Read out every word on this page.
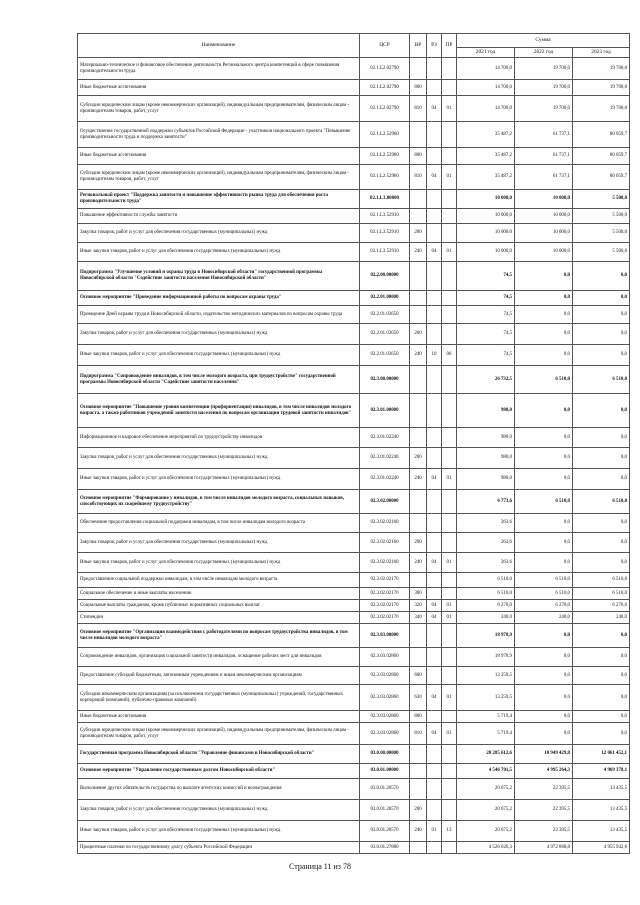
Наименование	ЦСР	ВР	РЗ	ПР	Сумма		
					2021 год	2022 год	2023 год
Материально-техническое и финансовое обеспечение деятельности Регионального центра компетенций в сфере повышения производительности труда	02.1.L2.02790				14 700,0	19 700,0	19 700,0
Иные бюджетные ассигнования	02.1.L2.02790	800			14 700,0	19 700,0	19 700,0
Субсидии юридическим лицам (кроме некоммерческих организаций), индивидуальным предпринимателям, физическим лицам - производителям товаров, работ, услуг	02.1.L2.02790	810	04	01	14 700,0	19 700,0	19 700,0
Осуществление государственной поддержки субъектов Российской Федерации - участников национального проекта "Повышение производительности труда и поддержка занятости"	02.1.L2.52960				35 487,2	61 737,1	80 059,7
Иные бюджетные ассигнования	02.1.L2.52960	800			35 487,2	61 737,1	80 059,7
Субсидии юридическим лицам (кроме некоммерческих организаций), индивидуальным предпринимателям, физическим лицам - производителям товаров, работ, услуг	02.1.L2.52960	810	04	01	35 487,2	61 737,1	80 059,7
Региональный проект "Поддержка занятости и повышение эффективности рынка труда для обеспечения роста производительности труда"	02.1.L3.00000				10 000,0	10 000,0	5 500,0
Повышение эффективности службы занятости	02.1.L3.52910				10 000,0	10 000,0	5 500,0
Закупка товаров, работ и услуг для обеспечения государственных (муниципальных) нужд	02.1.L3.52910	200			10 000,0	10 000,0	5 500,0
Иные закупки товаров, работ и услуг для обеспечения государственных (муниципальных) нужд	02.1.L3.52910	240	04	01	10 000,0	10 000,0	5 500,0
Подпрограмма "Улучшение условий и охраны труда в Новосибирской области" государственной программы Новосибирской области "Содействие занятости населения Новосибирской области"	02.2.00.00000				74,5	0,0	0,0
Основное мероприятие "Проведение информационной работы по вопросам охраны труда"	02.2.01.00000				74,5	0,0	0,0
Проведение Дней охраны труда в Новосибирской области, издательство методических материалов по вопросам охраны труда	02.2.01.03650				74,5	0,0	0,0
Закупка товаров, работ и услуг для обеспечения государственных (муниципальных) нужд	02.2.01.03650	200			74,5	0,0	0,0
Иные закупки товаров, работ и услуг для обеспечения государственных (муниципальных) нужд	02.2.01.03650	240	10	06	74,5	0,0	0,0
Подпрограмма "Сопровождение инвалидов, в том числе молодого возраста, при трудоустройстве" государственной программы Новосибирской области "Содействие занятости населения"	02.3.00.00000				26 732,5	6 510,0	6 510,0
Основное мероприятие "Повышение уровня компетенции (профориентации) инвалидов, в том числе инвалидов молодого возраста, а также работников учреждений занятости населения по вопросам организации трудовой занятости инвалидов"	02.3.01.00000				980,0	0,0	0,0
Информационное и кадровое обеспечение мероприятий по трудоустройству инвалидов	02.3.01.02240				980,0	0,0	0,0
Закупка товаров, работ и услуг для обеспечения государственных (муниципальных) нужд	02.3.01.02240	200			980,0	0,0	0,0
Иные закупки товаров, работ и услуг для обеспечения государственных (муниципальных) нужд	02.3.01.02240	240	04	01	980,0	0,0	0,0
Основное мероприятие "Формирование у инвалидов, в том числе инвалидов молодого возраста, социальных навыков, способствующих их скорейшему трудоустройству"	02.3.02.00000				6 773,6	6 510,0	6 510,0
Обеспечение предоставления социальной поддержки инвалидам, в том числе инвалидам молодого возраста	02.3.02.02160				263,6	0,0	0,0
Закупка товаров, работ и услуг для обеспечения государственных (муниципальных) нужд	02.3.02.02160	200			263,6	0,0	0,0
Иные закупки товаров, работ и услуг для обеспечения государственных (муниципальных) нужд	02.3.02.02160	240	04	01	263,6	0,0	0,0
Предоставление социальной поддержки инвалидам, в том числе инвалидам молодого возраста	02.3.02.02170				6 510,0	6 510,0	6 510,0
Социальное обеспечение и иные выплаты населению	02.3.02.02170	300			6 510,0	6 510,0	6 510,0
Социальные выплаты гражданам, кроме публичных нормативных социальных выплат	02.3.02.02170	320	04	01	6 270,0	6 270,0	6 270,0
Стипендии	02.3.02.02170	340	04	01	240,0	240,0	240,0
Основное мероприятие "Организация взаимодействия с работодателями по вопросам трудоустройства инвалидов, в том числе инвалидов молодого возраста"	02.3.03.00000				18 978,9	0,0	0,0
Сопровождение инвалидов, организация социальной занятости инвалидов, оснащение рабочих мест для инвалидов	02.3.03.02860				18 978,9	0,0	0,0
Предоставление субсидий бюджетным, автономным учреждениям и иным некоммерческим организациям	02.3.03.02860	600			13 259,5	0,0	0,0
Субсидии некоммерческим организациям (за исключением государственных (муниципальных) учреждений, государственных корпораций (компаний), публично-правовых компаний)	02.3.03.02860	630	04	01	13 259,5	0,0	0,0
Иные бюджетные ассигнования	02.3.03.02860	800			5 719,4	0,0	0,0
Субсидии юридическим лицам (кроме некоммерческих организаций), индивидуальным предпринимателям, физическим лицам - производителям товаров, работ, услуг	02.3.03.02860	810	04	01	5 719,4	0,0	0,0
Государственная программа Новосибирской области "Управление финансами в Новосибирской области"	03.0.00.00000				20 285 612,6	10 949 429,8	12 061 452,1
Основное мероприятие "Управление государственным долгом Новосибирской области"	03.0.01.00000				4 546 701,5	4 995 264,3	4 969 378,1
Выполнение других обязательств государства по выплате агентских комиссий и вознаграждения	03.0.01.20570				20 675,2	22 395,5	13 435,5
Закупка товаров, работ и услуг для обеспечения государственных (муниципальных) нужд	03.0.01.20570	200			20 675,2	22 395,5	13 435,5
Иные закупки товаров, работ и услуг для обеспечения государственных (муниципальных) нужд	03.0.01.20570	240	01	13	20 675,2	22 395,5	13 435,5
Процентные платежи по государственному долгу субъекта Российской Федерации	03.0.01.27880				4 526 026,3	4 972 868,8	4 955 942,6
Страница 11 из 78
